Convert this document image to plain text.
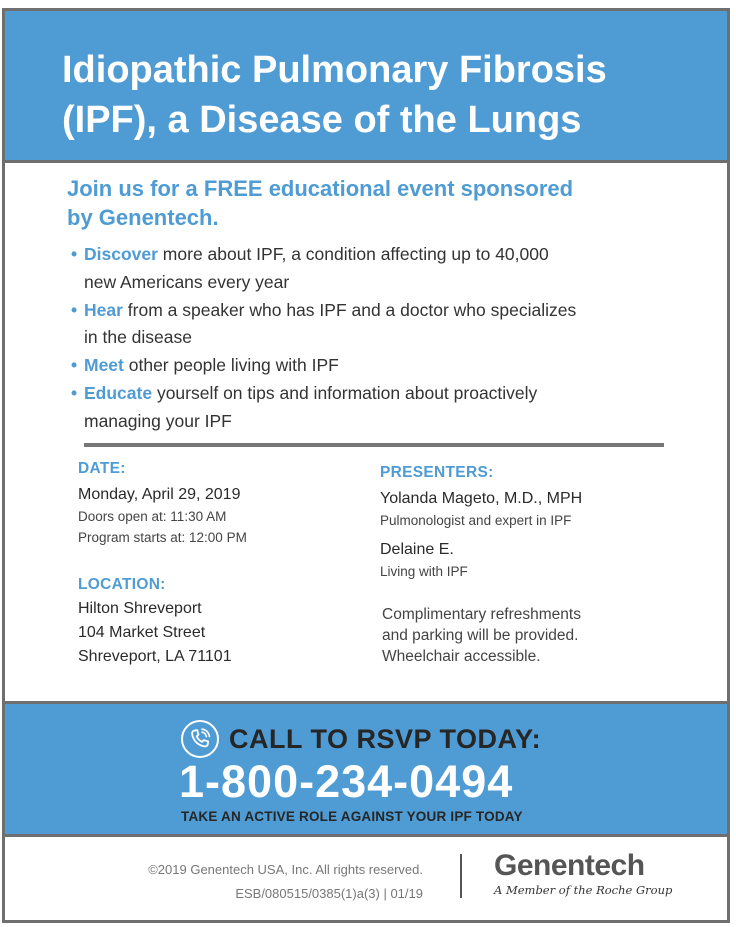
Idiopathic Pulmonary Fibrosis
(IPF), a Disease of the Lungs
Join us for a FREE educational event sponsored
by Genentech.
• Discover more about IPF, a condition affecting up to 40,000
new Americans every year
• Hear from a speaker who has IPF and a doctor who specializes
in the disease
• Meet other people living with IPF
• Educate yourself on tips and information about proactively
managing your IPF
DATE:
Monday, April 29, 2019
Doors open at: 11:30 AM
Program starts at: 12:00 PM
LOCATION:
Hilton Shreveport
104 Market Street
Shreveport, LA 71101
PRESENTERS:
Yolanda Mageto, M.D., MPH
Pulmonologist and expert in IPF
Delaine E.
Living with IPF
Complimentary refreshments
and parking will be provided.
Wheelchair accessible.
CALL TO RSVP TODAY:
1-800-234-0494
TAKE AN ACTIVE ROLE AGAINST YOUR IPF TODAY
©2019 Genentech USA, Inc. All rights reserved.
ESB/080515/0385(1)a(3) | 01/19
Genentech
A Member of the Roche Group
